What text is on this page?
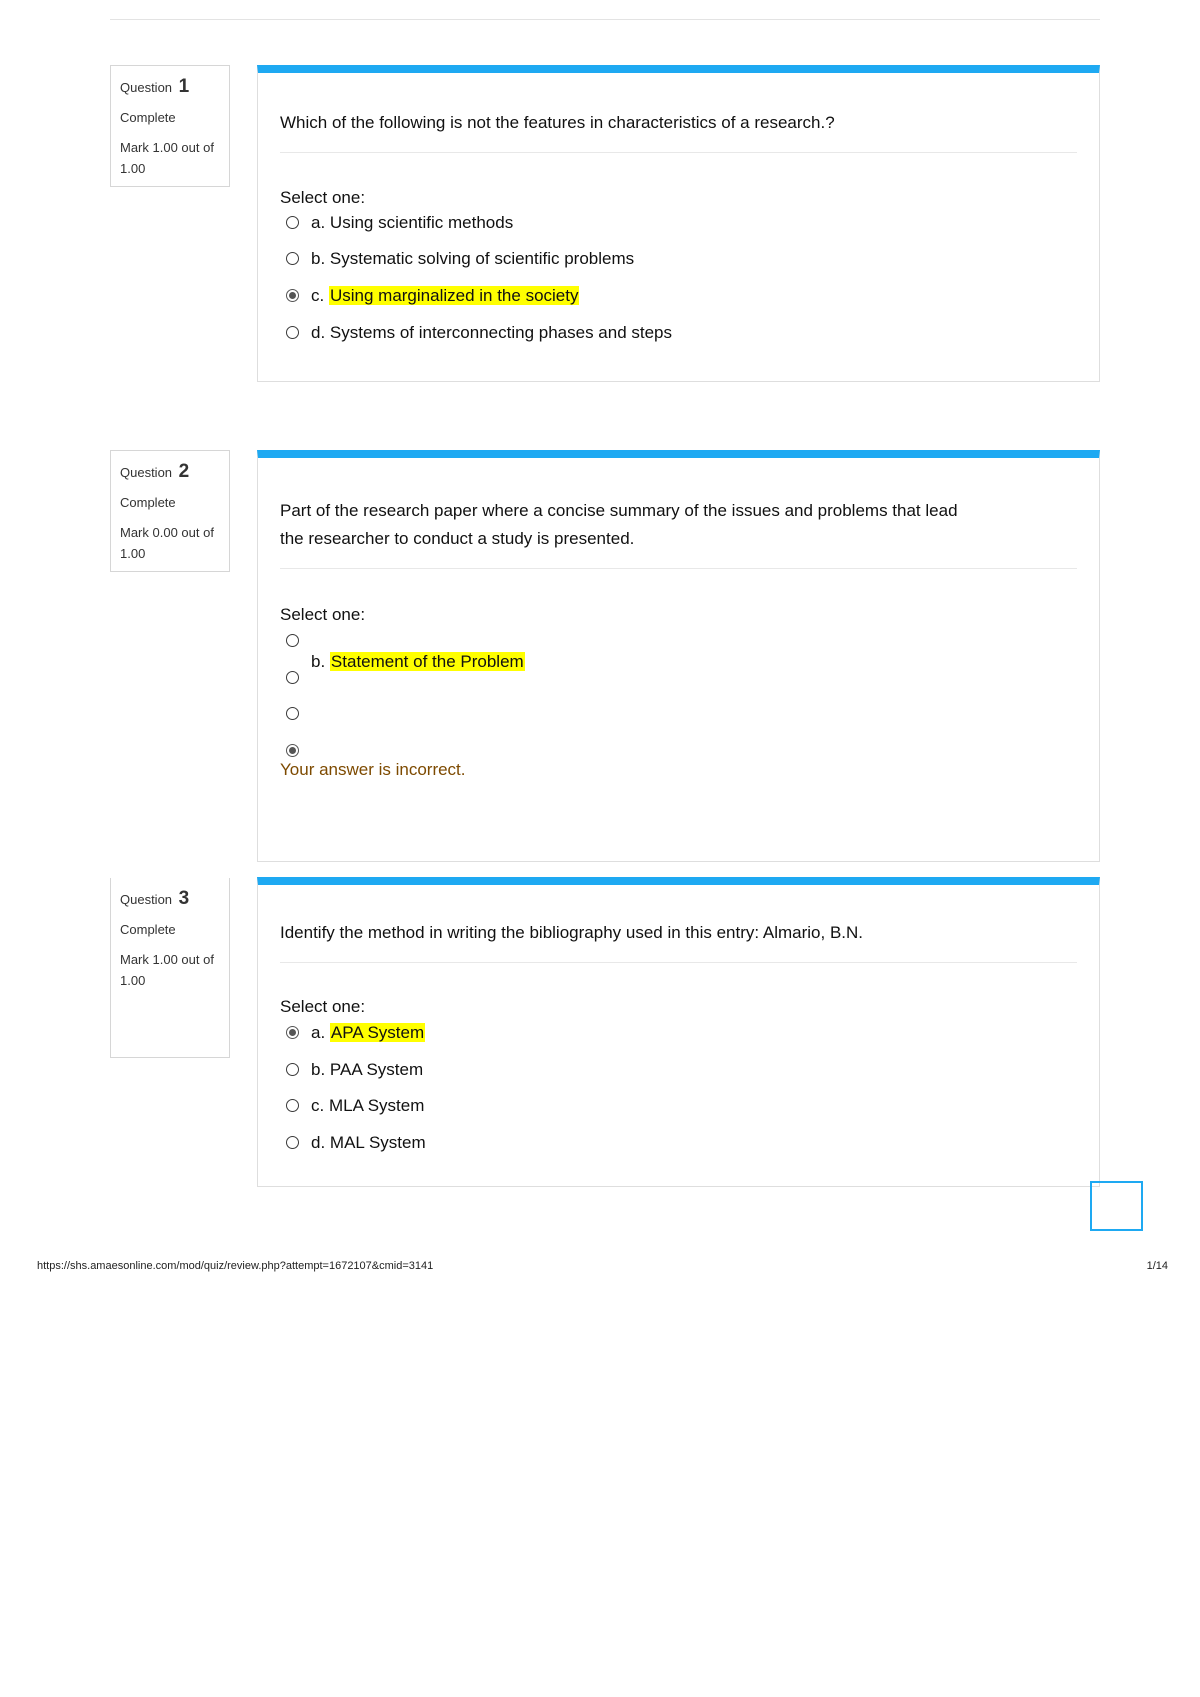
Question 1
Complete
Mark 1.00 out of 1.00
Which of the following is not the features in characteristics of a research.?
Select one:
a. Using scientific methods
b. Systematic solving of scientific problems
c. Using marginalized in the society
d. Systems of interconnecting phases and steps
Question 2
Complete
Mark 0.00 out of 1.00
Part of the research paper where a concise summary of the issues and problems that lead the researcher to conduct a study is presented.
Select one:
b. Statement of the Problem
Your answer is incorrect.
Question 3
Complete
Mark 1.00 out of 1.00
Identify the method in writing the bibliography used in this entry: Almario, B.N.
Select one:
a. APA System
b. PAA System
c. MLA System
d. MAL System
https://shs.amaesonline.com/mod/quiz/review.php?attempt=1672107&cmid=3141	1/14
